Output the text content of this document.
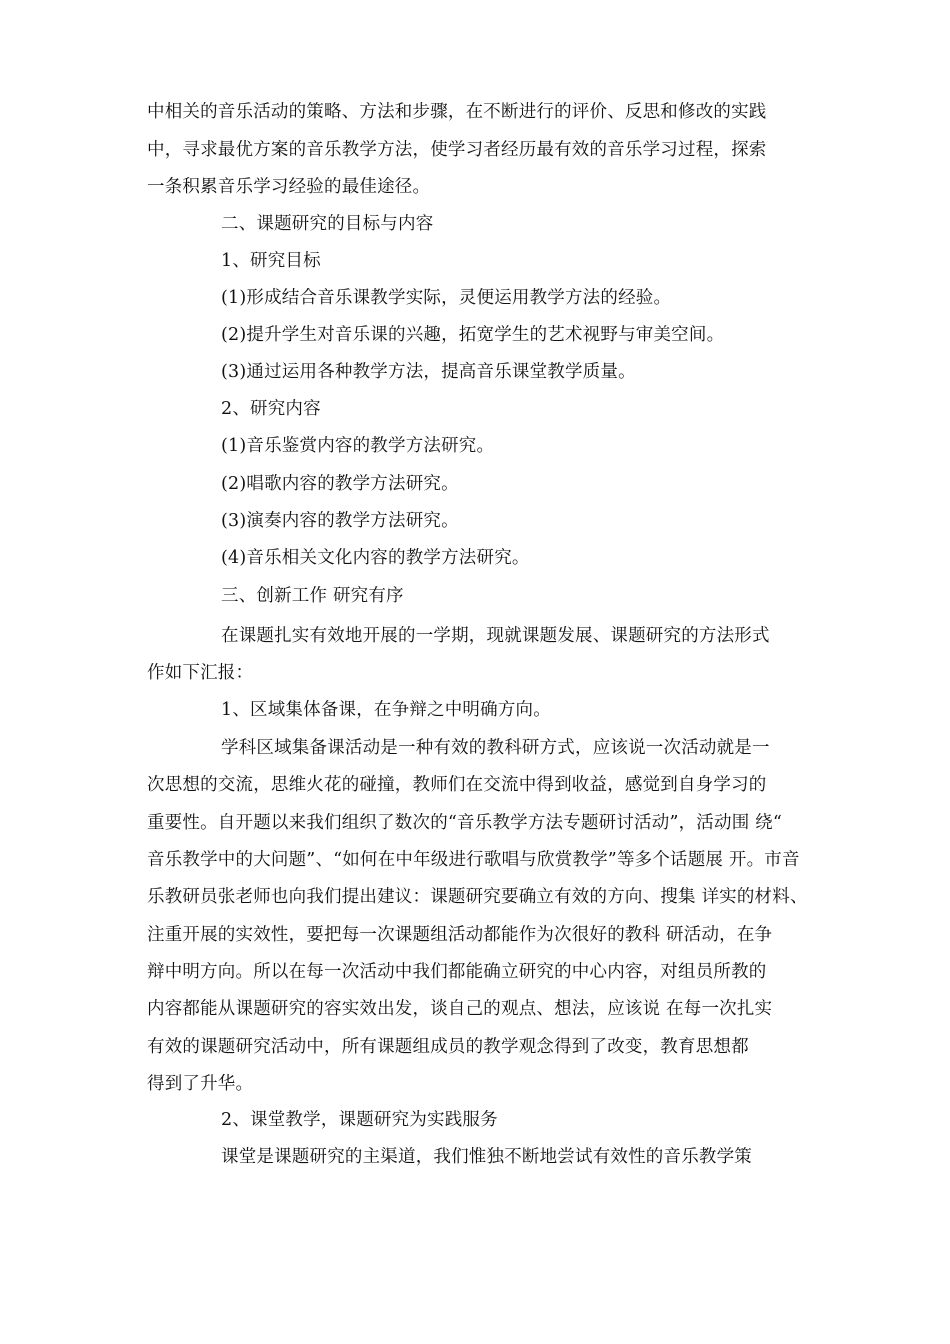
中相关的音乐活动的策略、方法和步骤，在不断进行的评价、反思和修改的实践
中，寻求最优方案的音乐教学方法，使学习者经历最有效的音乐学习过程，探索
一条积累音乐学习经验的最佳途径。
二、课题研究的目标与内容
1、研究目标
(1)形成结合音乐课教学实际，灵便运用教学方法的经验。
(2)提升学生对音乐课的兴趣，拓宽学生的艺术视野与审美空间。
(3)通过运用各种教学方法，提高音乐课堂教学质量。
2、研究内容
(1)音乐鉴赏内容的教学方法研究。
(2)唱歌内容的教学方法研究。
(3)演奏内容的教学方法研究。
(4)音乐相关文化内容的教学方法研究。
三、创新工作 研究有序
在课题扎实有效地开展的一学期，现就课题发展、课题研究的方法形式
作如下汇报：
1、区域集体备课，在争辩之中明确方向。
学科区域集备课活动是一种有效的教科研方式，应该说一次活动就是一
次思想的交流，思维火花的碰撞，教师们在交流中得到收益，感觉到自身学习的
重要性。自开题以来我们组织了数次的“音乐教学方法专题研讨活动”，活动围 绕“
音乐教学中的大问题”、“如何在中年级进行歌唱与欣赏教学”等多个话题展 开。市音
乐教研员张老师也向我们提出建议：课题研究要确立有效的方向、搜集 详实的材料、
注重开展的实效性，要把每一次课题组活动都能作为次很好的教科 研活动，在争
辩中明方向。所以在每一次活动中我们都能确立研究的中心内容，对组员所教的
内容都能从课题研究的容实效出发，谈自己的观点、想法，应该说 在每一次扎实
有效的课题研究活动中，所有课题组成员的教学观念得到了改变，教育思想都
得到了升华。
2、课堂教学，课题研究为实践服务
课堂是课题研究的主渠道，我们惟独不断地尝试有效性的音乐教学策
